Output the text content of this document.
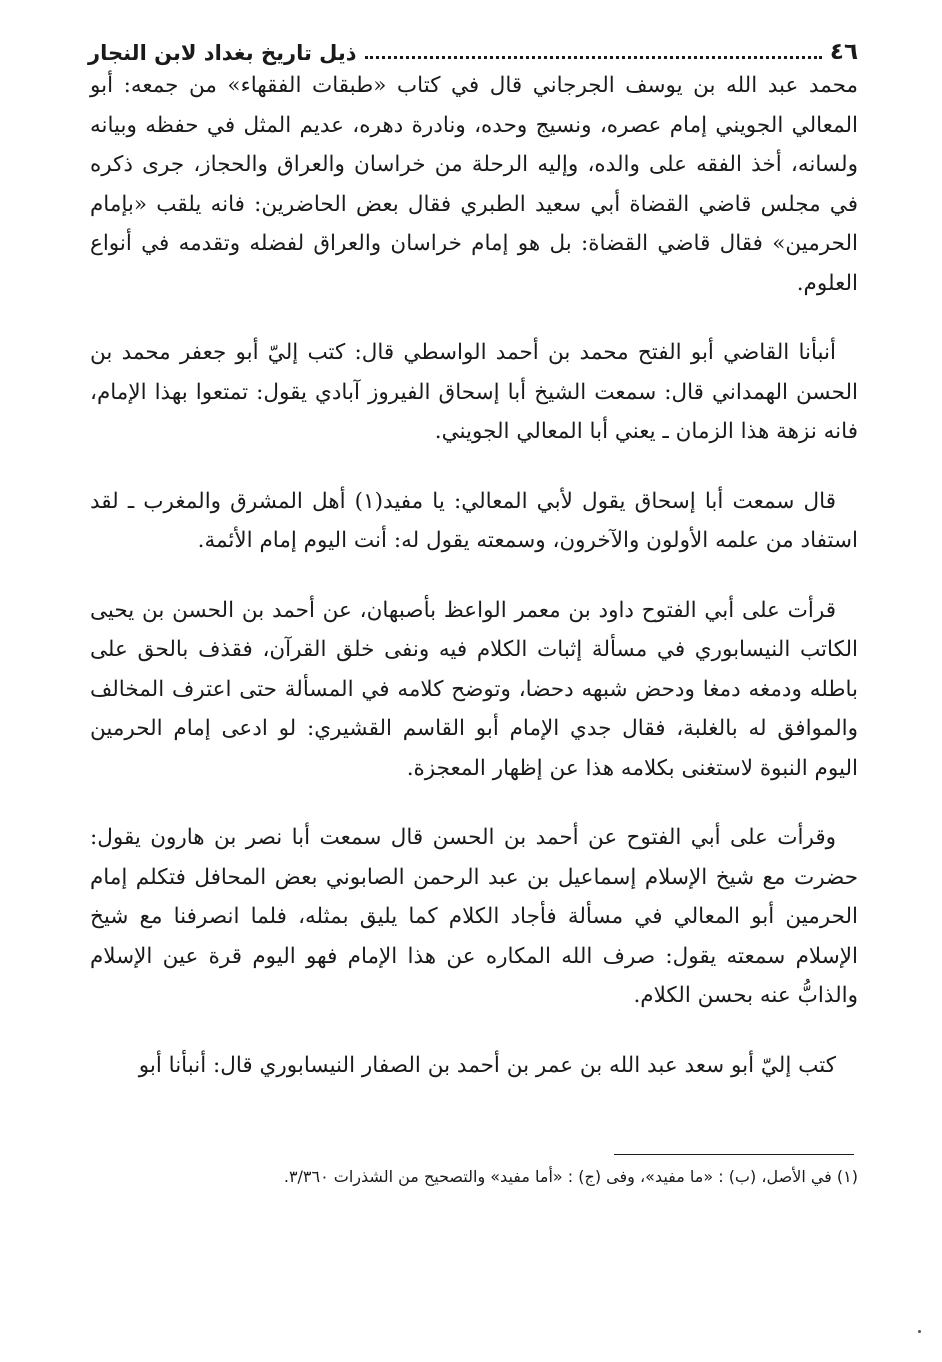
٤٦
ذيل تاريخ بغداد لابن النجار

محمد عبد الله بن يوسف الجرجاني قال في كتاب «طبقات الفقهاء» من جمعه: أبو المعالي الجويني إمام عصره، ونسيج وحده، ونادرة دهره، عديم المثل في حفظه وبيانه ولسانه، أخذ الفقه على والده، وإليه الرحلة من خراسان والعراق والحجاز، جرى ذكره في مجلس قاضي القضاة أبي سعيد الطبري فقال بعض الحاضرين: فانه يلقب «بإمام الحرمين» فقال قاضي القضاة: بل هو إمام خراسان والعراق لفضله وتقدمه في أنواع العلوم.

أنبأنا القاضي أبو الفتح محمد بن أحمد الواسطي قال: كتب إليّ أبو جعفر محمد بن الحسن الهمداني قال: سمعت الشيخ أبا إسحاق الفيروز آبادي يقول: تمتعوا بهذا الإمام، فانه نزهة هذا الزمان ـ يعني أبا المعالي الجويني.

قال سمعت أبا إسحاق يقول لأبي المعالي: يا مفيد(١) أهل المشرق والمغرب ـ لقد استفاد من علمه الأولون والآخرون، وسمعته يقول له: أنت اليوم إمام الأئمة.

قرأت على أبي الفتوح داود بن معمر الواعظ بأصبهان، عن أحمد بن الحسن بن يحيى الكاتب النيسابوري في مسألة إثبات الكلام فيه ونفى خلق القرآن، فقذف بالحق على باطله ودمغه دمغا ودحض شبهه دحضا، وتوضح كلامه في المسألة حتى اعترف المخالف والموافق له بالغلبة، فقال جدي الإمام أبو القاسم القشيري: لو ادعى إمام الحرمين اليوم النبوة لاستغنى بكلامه هذا عن إظهار المعجزة.

وقرأت على أبي الفتوح عن أحمد بن الحسن قال سمعت أبا نصر بن هارون يقول: حضرت مع شيخ الإسلام إسماعيل بن عبد الرحمن الصابوني بعض المحافل فتكلم إمام الحرمين أبو المعالي في مسألة فأجاد الكلام كما يليق بمثله، فلما انصرفنا مع شيخ الإسلام سمعته يقول: صرف الله المكاره عن هذا الإمام فهو اليوم قرة عين الإسلام والذابُّ عنه بحسن الكلام.

كتب إليّ أبو سعد عبد الله بن عمر بن أحمد بن الصفار النيسابوري قال: أنبأنا أبو

(١) في الأصل، (ب) : «ما مفيد»، وفى (ج) : «أما مفيد» والتصحيح من الشذرات ٣/٣٦٠.
